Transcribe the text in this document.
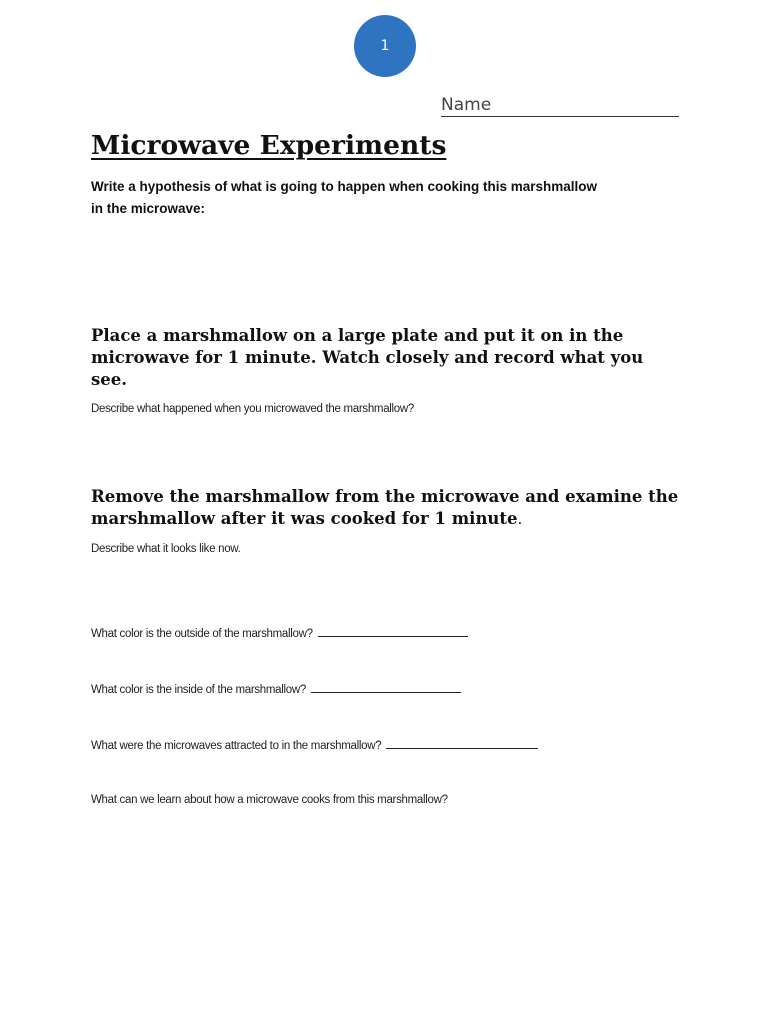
1
Name
Microwave Experiments
Write a hypothesis of what is going to happen when cooking this marshmallow in the microwave:
Place a marshmallow on a large plate and put it on in the microwave for 1 minute. Watch closely and record what you see.
Describe what happened when you microwaved the marshmallow?
Remove the marshmallow from the microwave and examine the marshmallow after it was cooked for 1 minute.
Describe what it looks like now.
What color is the outside of the marshmallow?
What color is the inside of the marshmallow?
What were the microwaves attracted to in the marshmallow?
What can we learn about how a microwave cooks from this marshmallow?
